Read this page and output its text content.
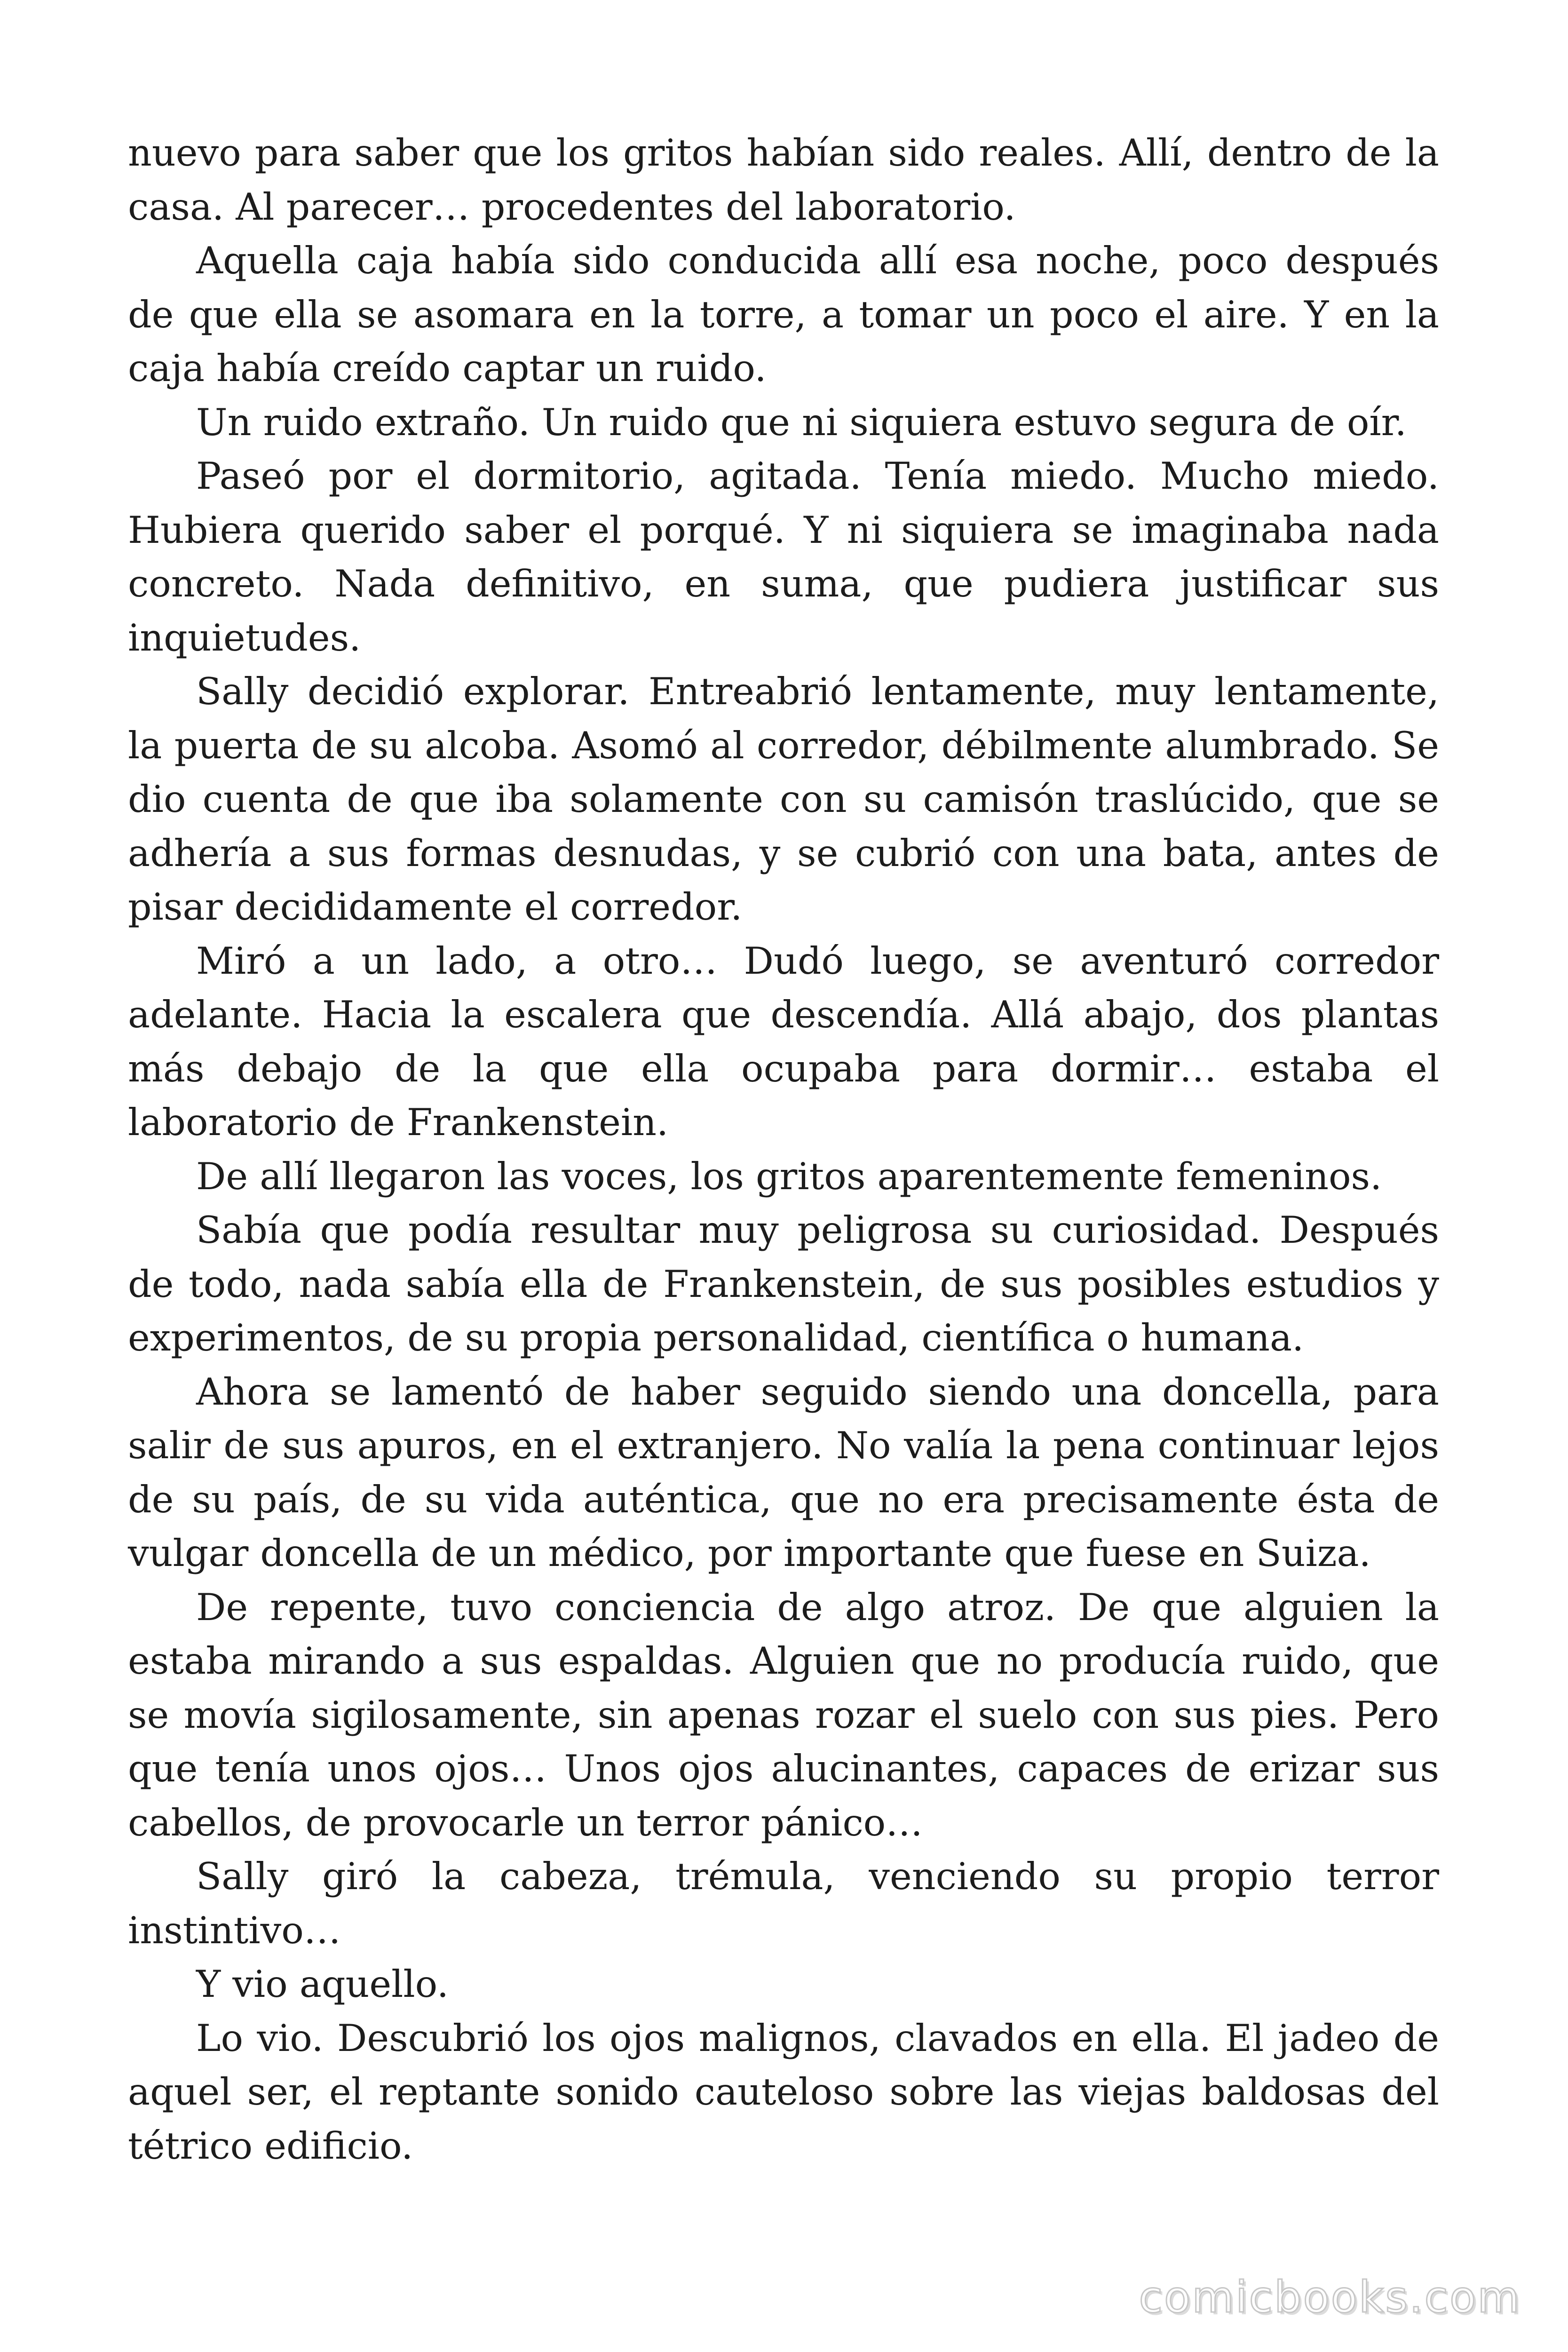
nuevo para saber que los gritos habían sido reales. Allí, dentro de la casa. Al parecer… procedentes del laboratorio.

Aquella caja había sido conducida allí esa noche, poco después de que ella se asomara en la torre, a tomar un poco el aire. Y en la caja había creído captar un ruido.

Un ruido extraño. Un ruido que ni siquiera estuvo segura de oír.

Paseó por el dormitorio, agitada. Tenía miedo. Mucho miedo. Hubiera querido saber el porqué. Y ni siquiera se imaginaba nada concreto. Nada definitivo, en suma, que pudiera justificar sus inquietudes.

Sally decidió explorar. Entreabrió lentamente, muy lentamente, la puerta de su alcoba. Asomó al corredor, débilmente alumbrado. Se dio cuenta de que iba solamente con su camisón traslúcido, que se adhería a sus formas desnudas, y se cubrió con una bata, antes de pisar decididamente el corredor.

Miró a un lado, a otro… Dudó luego, se aventuró corredor adelante. Hacia la escalera que descendía. Allá abajo, dos plantas más debajo de la que ella ocupaba para dormir… estaba el laboratorio de Frankenstein.

De allí llegaron las voces, los gritos aparentemente femeninos.

Sabía que podía resultar muy peligrosa su curiosidad. Después de todo, nada sabía ella de Frankenstein, de sus posibles estudios y experimentos, de su propia personalidad, científica o humana.

Ahora se lamentó de haber seguido siendo una doncella, para salir de sus apuros, en el extranjero. No valía la pena continuar lejos de su país, de su vida auténtica, que no era precisamente ésta de vulgar doncella de un médico, por importante que fuese en Suiza.

De repente, tuvo conciencia de algo atroz. De que alguien la estaba mirando a sus espaldas. Alguien que no producía ruido, que se movía sigilosamente, sin apenas rozar el suelo con sus pies. Pero que tenía unos ojos… Unos ojos alucinantes, capaces de erizar sus cabellos, de provocarle un terror pánico…

Sally giró la cabeza, trémula, venciendo su propio terror instintivo…

Y vio aquello.

Lo vio. Descubrió los ojos malignos, clavados en ella. El jadeo de aquel ser, el reptante sonido cauteloso sobre las viejas baldosas del tétrico edificio.

comicbooks.com
